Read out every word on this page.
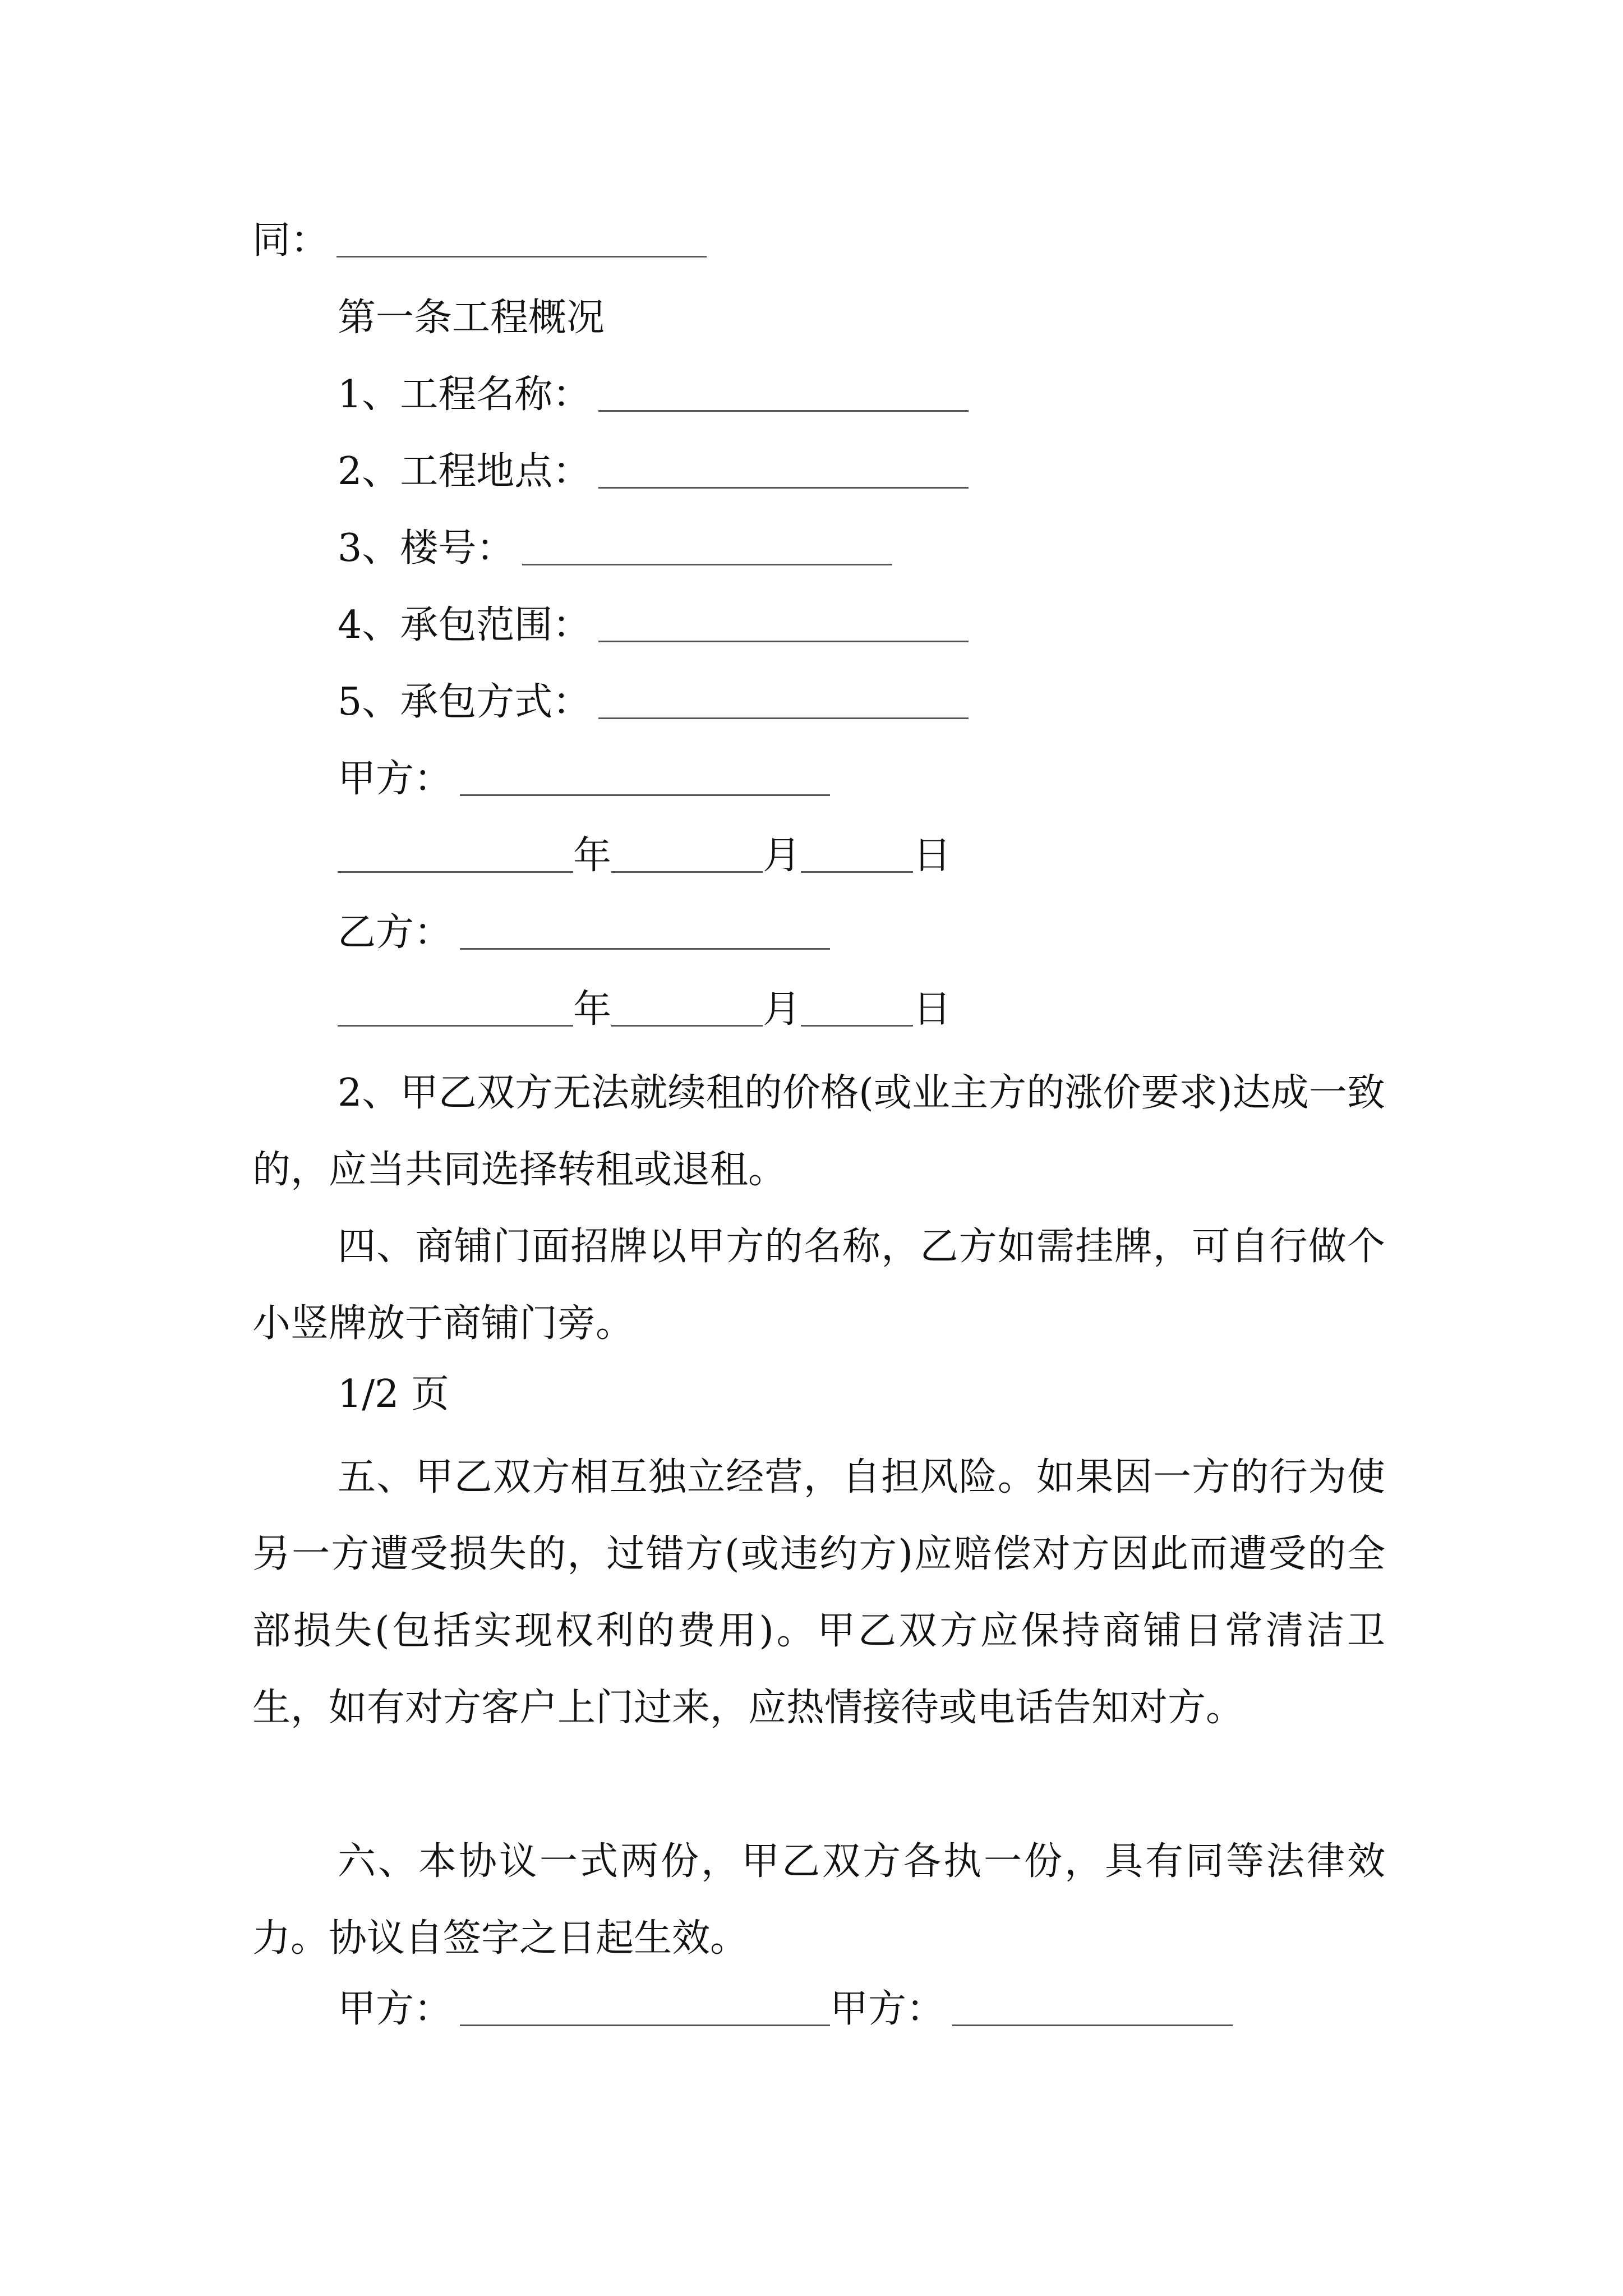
同：
第一条工程概况
1、工程名称：
2、工程地点：
3、楼号：
4、承包范围：
5、承包方式：
甲方：
年	月	日
乙方：
年	月	日

2、甲乙双方无法就续租的价格(或业主方的涨价要求)达成一致的，应当共同选择转租或退租。

四、商铺门面招牌以甲方的名称，乙方如需挂牌，可自行做个小竖牌放于商铺门旁。

1/2 页

五、甲乙双方相互独立经营，自担风险。如果因一方的行为使另一方遭受损失的，过错方(或违约方)应赔偿对方因此而遭受的全部损失(包括实现权利的费用)。甲乙双方应保持商铺日常清洁卫生，如有对方客户上门过来，应热情接待或电话告知对方。

六、本协议一式两份，甲乙双方各执一份，具有同等法律效力。协议自签字之日起生效。

甲方：	甲方：
